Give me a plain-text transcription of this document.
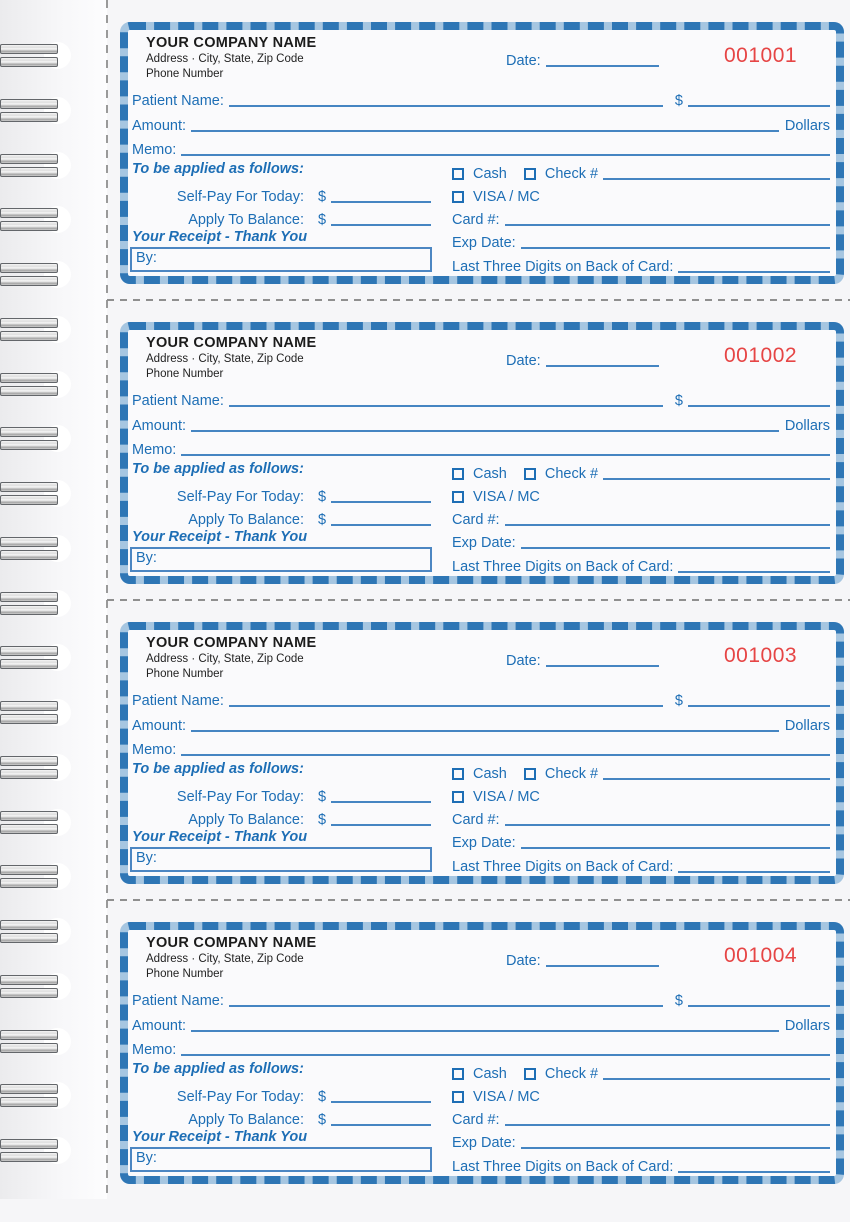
YOUR COMPANY NAME
Address · City, State, Zip Code
Phone Number
Date:	001001
Patient Name:	$
Amount:	Dollars
Memo:
To be applied as follows:
Self-Pay For Today: $
Apply To Balance: $
Your Receipt - Thank You
By:
Cash	Check #
VISA / MC
Card #:
Exp Date:
Last Three Digits on Back of Card:
YOUR COMPANY NAME
Address · City, State, Zip Code
Phone Number
Date:	001002
Patient Name:	$
Amount:	Dollars
Memo:
To be applied as follows:
Self-Pay For Today: $
Apply To Balance: $
Your Receipt - Thank You
By:
Cash	Check #
VISA / MC
Card #:
Exp Date:
Last Three Digits on Back of Card:
YOUR COMPANY NAME
Address · City, State, Zip Code
Phone Number
Date:	001003
Patient Name:	$
Amount:	Dollars
Memo:
To be applied as follows:
Self-Pay For Today: $
Apply To Balance: $
Your Receipt - Thank You
By:
Cash	Check #
VISA / MC
Card #:
Exp Date:
Last Three Digits on Back of Card:
YOUR COMPANY NAME
Address · City, State, Zip Code
Phone Number
Date:	001004
Patient Name:	$
Amount:	Dollars
Memo:
To be applied as follows:
Self-Pay For Today: $
Apply To Balance: $
Your Receipt - Thank You
By:
Cash	Check #
VISA / MC
Card #:
Exp Date:
Last Three Digits on Back of Card:
